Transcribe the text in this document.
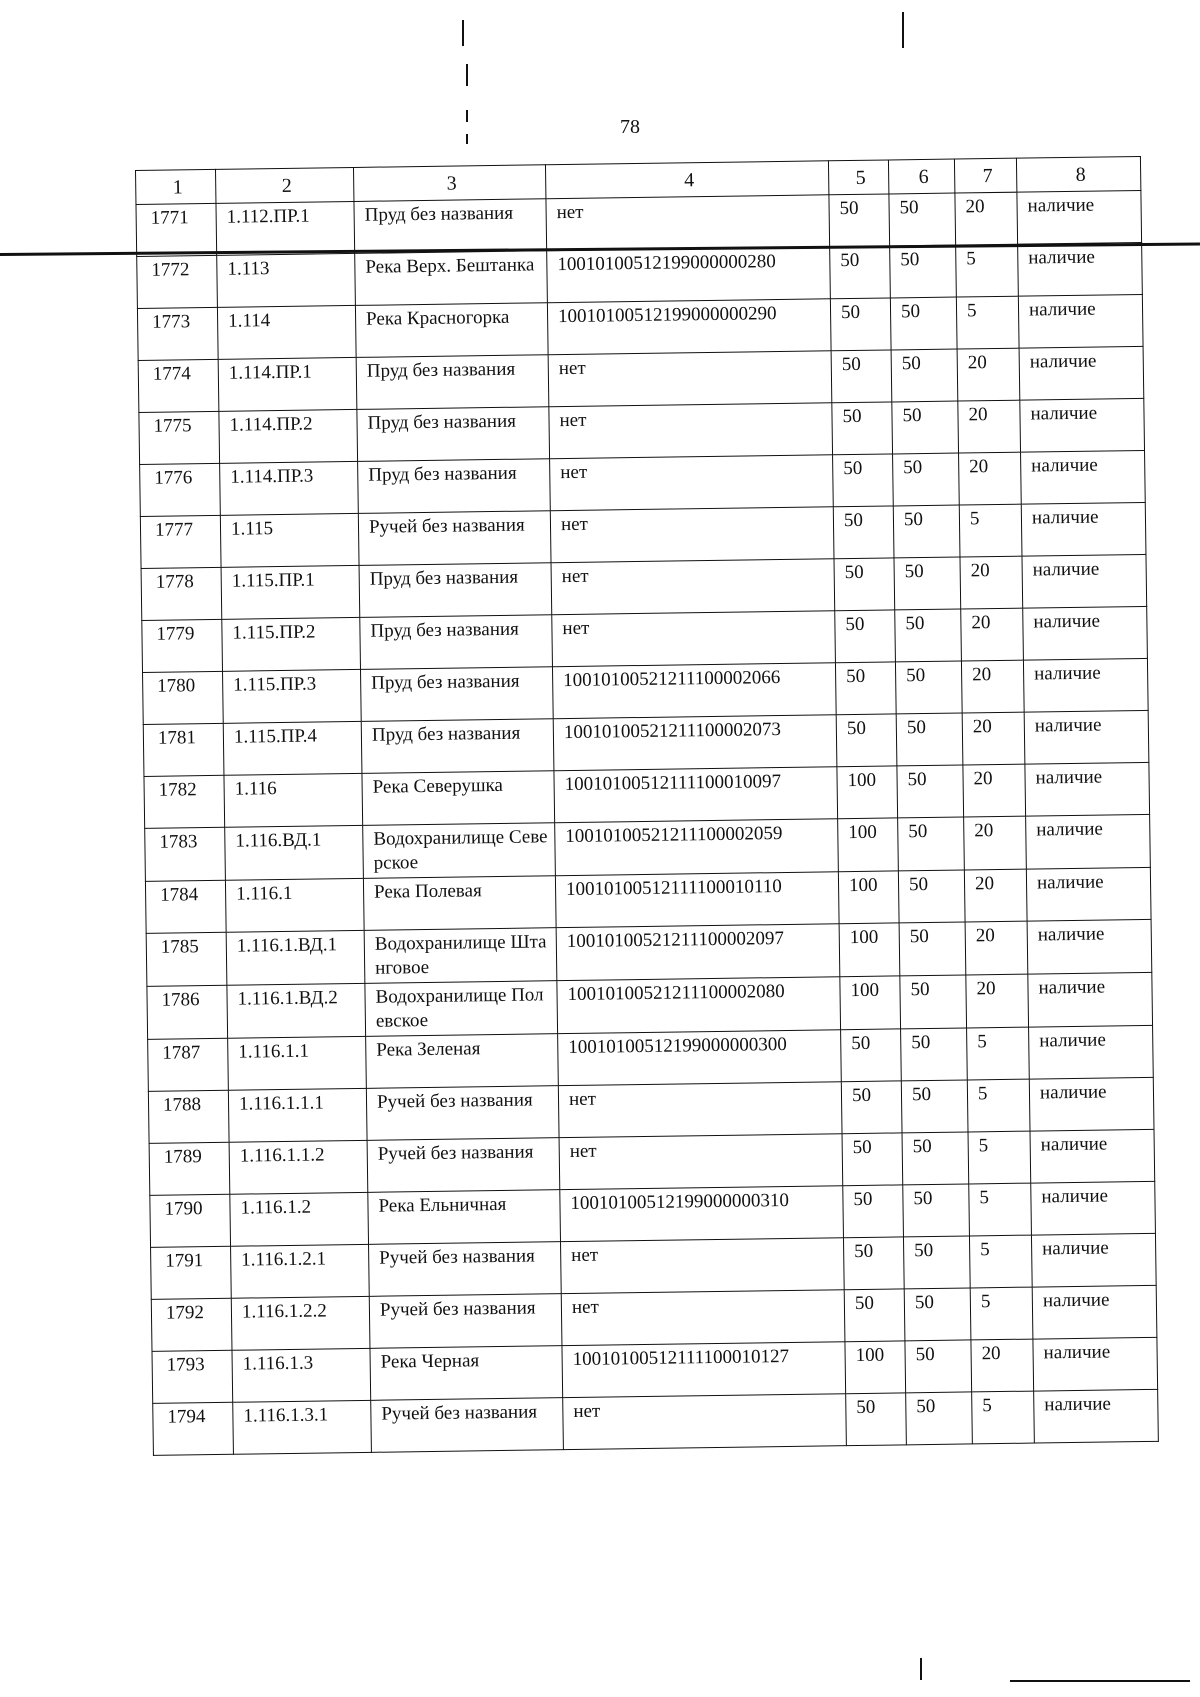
78
1	2	3	4	5	6	7	8
1771	1.112.ПР.1	Пруд без названия	нет	50	50	20	наличие
1772	1.113	Река Верх. Бештанка	10010100512199000000280	50	50	5	наличие
1773	1.114	Река Красногорка	10010100512199000000290	50	50	5	наличие
1774	1.114.ПР.1	Пруд без названия	нет	50	50	20	наличие
1775	1.114.ПР.2	Пруд без названия	нет	50	50	20	наличие
1776	1.114.ПР.3	Пруд без названия	нет	50	50	20	наличие
1777	1.115	Ручей без названия	нет	50	50	5	наличие
1778	1.115.ПР.1	Пруд без названия	нет	50	50	20	наличие
1779	1.115.ПР.2	Пруд без названия	нет	50	50	20	наличие
1780	1.115.ПР.3	Пруд без названия	10010100521211100002066	50	50	20	наличие
1781	1.115.ПР.4	Пруд без названия	10010100521211100002073	50	50	20	наличие
1782	1.116	Река Северушка	10010100512111100010097	100	50	20	наличие
1783	1.116.ВД.1	Водохранилище Северское	10010100521211100002059	100	50	20	наличие
1784	1.116.1	Река Полевая	10010100512111100010110	100	50	20	наличие
1785	1.116.1.ВД.1	Водохранилище Штанговое	10010100521211100002097	100	50	20	наличие
1786	1.116.1.ВД.2	Водохранилище Полевское	10010100521211100002080	100	50	20	наличие
1787	1.116.1.1	Река Зеленая	10010100512199000000300	50	50	5	наличие
1788	1.116.1.1.1	Ручей без названия	нет	50	50	5	наличие
1789	1.116.1.1.2	Ручей без названия	нет	50	50	5	наличие
1790	1.116.1.2	Река Ельничная	10010100512199000000310	50	50	5	наличие
1791	1.116.1.2.1	Ручей без названия	нет	50	50	5	наличие
1792	1.116.1.2.2	Ручей без названия	нет	50	50	5	наличие
1793	1.116.1.3	Река Черная	10010100512111100010127	100	50	20	наличие
1794	1.116.1.3.1	Ручей без названия	нет	50	50	5	наличие
